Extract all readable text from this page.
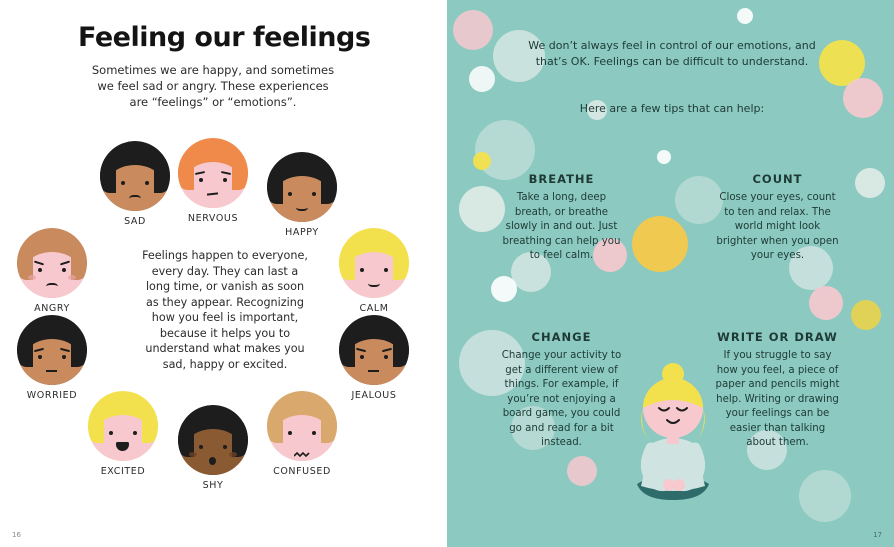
Feeling our feelings
Sometimes we are happy, and sometimes we feel sad or angry. These experiences are “feelings” or “emotions”.
Feelings happen to everyone, every day. They can last a long time, or vanish as soon as they appear. Recognizing how you feel is important, because it helps you to understand what makes you sad, happy or excited.
SAD	NERVOUS
HAPPY
CALM
ANGRY
JEALOUS
WORRIED
CONFUSED
SHY
EXCITED
16
We don’t always feel in control of our emotions, and that’s OK. Feelings can be difficult to understand.
Here are a few tips that can help:
BREATHE

Take a long, deep breath, or breathe slowly in and out. Just breathing can help you to feel calm.

COUNT

Close your eyes, count to ten and relax. The world might look brighter when you open your eyes.

CHANGE

Change your activity to get a different view of things. For example, if you’re not enjoying a board game, you could go and read for a bit instead.

WRITE OR DRAW

If you struggle to say how you feel, a piece of paper and pencils might help. Writing or drawing your feelings can be easier than talking about them.

17
